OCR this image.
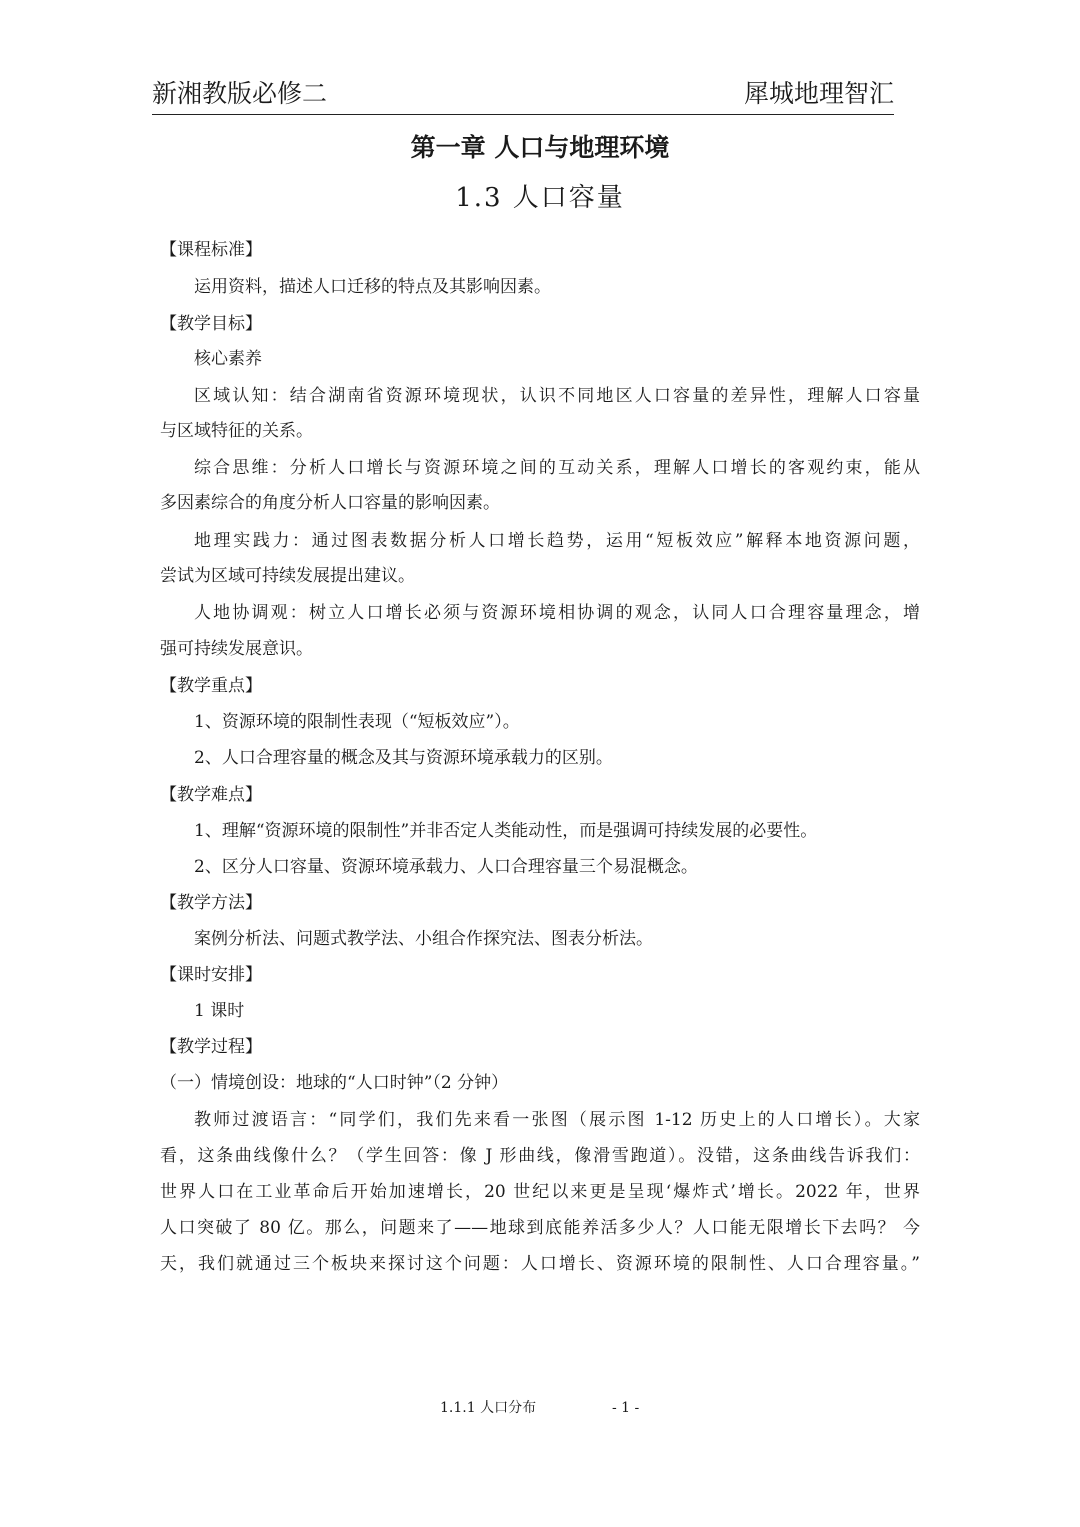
新湘教版必修二	犀城地理智汇
第一章 人口与地理环境
1.3 人口容量
【课程标准】
运用资料，描述人口迁移的特点及其影响因素。
【教学目标】
核心素养
区域认知：结合湖南省资源环境现状，认识不同地区人口容量的差异性，理解人口容量
与区域特征的关系。
综合思维：分析人口增长与资源环境之间的互动关系，理解人口增长的客观约束，能从
多因素综合的角度分析人口容量的影响因素。
地理实践力：通过图表数据分析人口增长趋势，运用“短板效应”解释本地资源问题，
尝试为区域可持续发展提出建议。
人地协调观：树立人口增长必须与资源环境相协调的观念，认同人口合理容量理念，增
强可持续发展意识。
【教学重点】
1、资源环境的限制性表现（“短板效应”）。
2、人口合理容量的概念及其与资源环境承载力的区别。
【教学难点】
1、理解“资源环境的限制性”并非否定人类能动性，而是强调可持续发展的必要性。
2、区分人口容量、资源环境承载力、人口合理容量三个易混概念。
【教学方法】
案例分析法、问题式教学法、小组合作探究法、图表分析法。
【课时安排】
1 课时
【教学过程】
（一）情境创设：地球的“人口时钟”（2 分钟）
教师过渡语言：“同学们，我们先来看一张图（展示图 1-12 历史上的人口增长）。大家
看，这条曲线像什么？（学生回答：像 J 形曲线，像滑雪跑道）。没错，这条曲线告诉我们：
世界人口在工业革命后开始加速增长，20 世纪以来更是呈现‘爆炸式’增长。2022 年，世界
人口突破了 80 亿。那么，问题来了——地球到底能养活多少人？人口能无限增长下去吗？ 今
天，我们就通过三个板块来探讨这个问题：人口增长、资源环境的限制性、人口合理容量。”
1.1.1 人口分布	- 1 -
